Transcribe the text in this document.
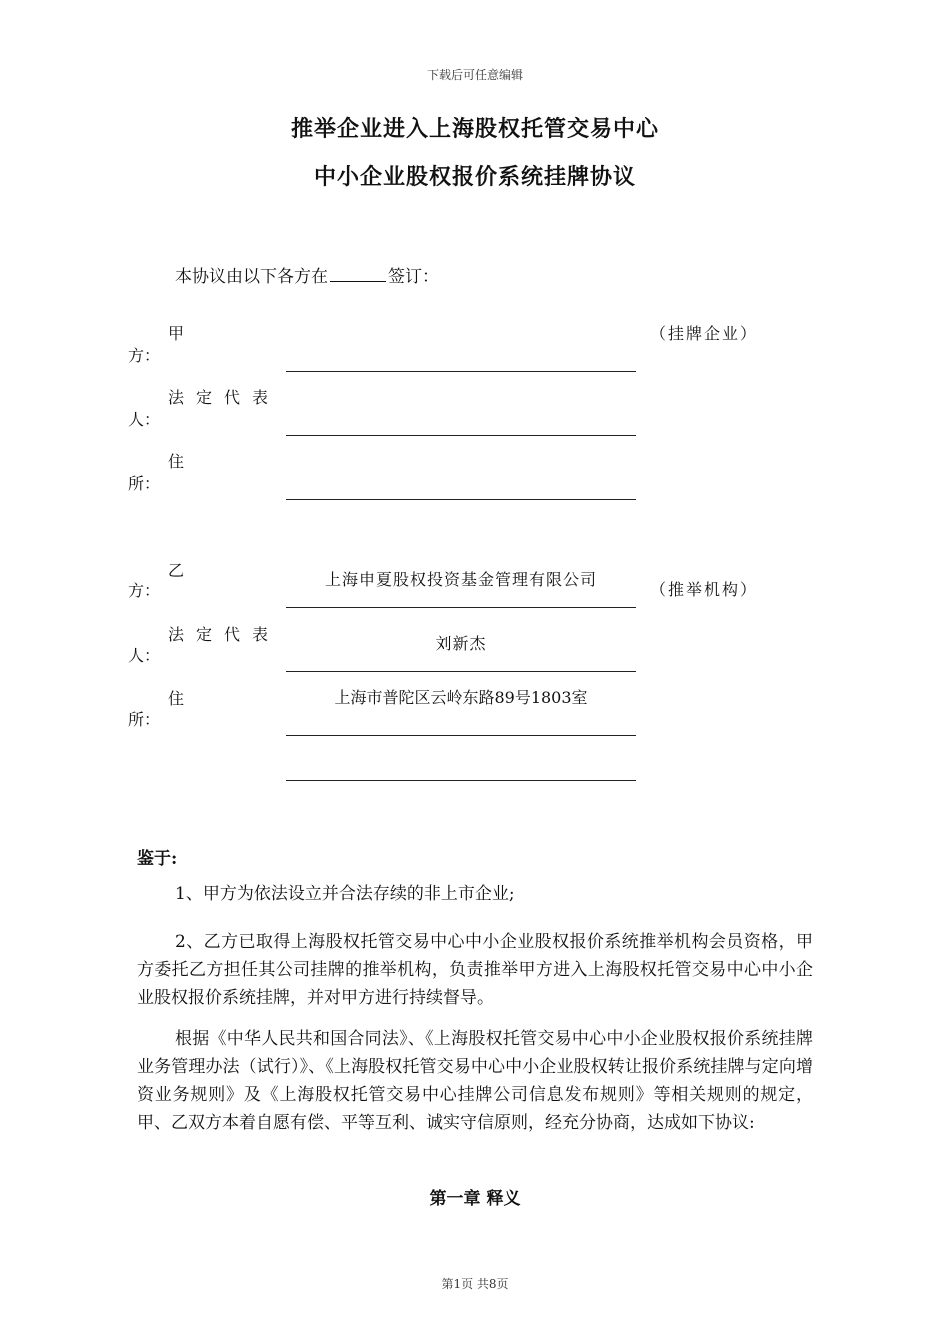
下载后可任意编辑
推举企业进入上海股权托管交易中心
中小企业股权报价系统挂牌协议
本协议由以下各方在	签订：
甲
方：
（挂牌企业）
法定代表
人：
住
所：
乙
方：
上海申夏股权投资基金管理有限公司
（推举机构）
法定代表
人：
刘新杰
住
所：
上海市普陀区云岭东路89号1803室
鉴于:
1、甲方为依法设立并合法存续的非上市企业;
2、乙方已取得上海股权托管交易中心中小企业股权报价系统推举机构会员资格，甲方委托乙方担任其公司挂牌的推举机构，负责推举甲方进入上海股权托管交易中心中小企业股权报价系统挂牌，并对甲方进行持续督导。
根据《中华人民共和国合同法》、《上海股权托管交易中心中小企业股权报价系统挂牌业务管理办法（试行）》、《上海股权托管交易中心中小企业股权转让报价系统挂牌与定向增资业务规则》及《上海股权托管交易中心挂牌公司信息发布规则》等相关规则的规定，甲、乙双方本着自愿有偿、平等互利、诚实守信原则，经充分协商，达成如下协议:
第一章 释义
第1页 共8页
